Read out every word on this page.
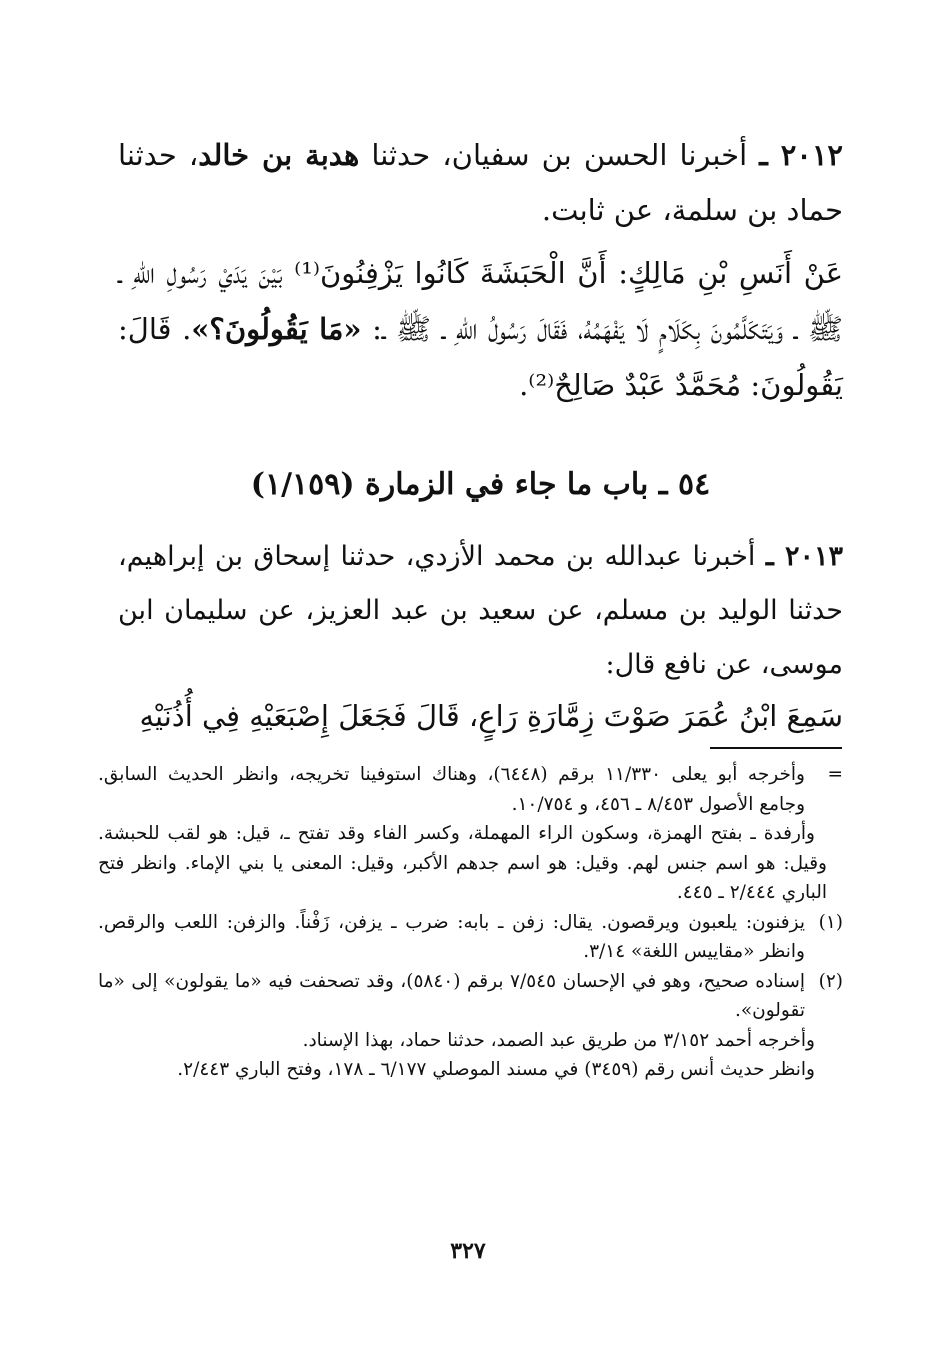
٢٠١٢ ـ أخبرنا الحسن بن سفيان، حدثنا هدبة بن خالد، حدثنا حماد بن سلمة، عن ثابت.
عَنْ أَنَسِ بْنِ مَالِكٍ: أَنَّ الْحَبَشَةَ كَانُوا يَزْفِنُونَ⁽¹⁾ بَيْنَ يَدَيْ رَسُولِ اللهِ ـ ﷺ ـ وَيَتَكَلَّمُونَ بِكَلَامٍ لَا يَفْهَمُهُ، فَقَالَ رَسُولُ اللهِ ـ ﷺ ـ: «مَا يَقُولُونَ؟». قَالَ: يَقُولُونَ: مُحَمَّدٌ عَبْدٌ صَالِحٌ⁽²⁾.
٥٤ ـ باب ما جاء في الزمارة (١/١٥٩)
٢٠١٣ ـ أخبرنا عبدالله بن محمد الأزدي، حدثنا إسحاق بن إبراهيم، حدثنا الوليد بن مسلم، عن سعيد بن عبد العزيز، عن سليمان ابن موسى، عن نافع قال:
سَمِعَ ابْنُ عُمَرَ صَوْتَ زِمَّارَةِ رَاعٍ، قَالَ فَجَعَلَ إِصْبَعَيْهِ فِي أُذُنَيْهِ

=وأخرجه أبو يعلى ١١/٣٣٠ برقم (٦٤٤٨)، وهناك استوفينا تخريجه، وانظر الحديث السابق. وجامع الأصول ٨/٤٥٣ ـ ٤٥٦، و ١٠/٧٥٤.

وأرفدة ـ بفتح الهمزة، وسكون الراء المهملة، وكسر الفاء وقد تفتح ـ، قيل: هو لقب للحبشة. وقيل: هو اسم جنس لهم. وقيل: هو اسم جدهم الأكبر، وقيل: المعنى يا بني الإماء. وانظر فتح الباري ٢/٤٤٤ ـ ٤٤٥.

(١)يزفنون: يلعبون ويرقصون. يقال: زفن ـ بابه: ضرب ـ يزفن، زَفْناً. والزفن: اللعب والرقص. وانظر «مقاييس اللغة» ٣/١٤.

(٢)إسناده صحيح، وهو في الإحسان ٧/٥٤٥ برقم (٥٨٤٠)، وقد تصحفت فيه «ما يقولون» إلى «ما تقولون».

وأخرجه أحمد ٣/١٥٢ من طريق عبد الصمد، حدثنا حماد، بهذا الإسناد.

وانظر حديث أنس رقم (٣٤٥٩) في مسند الموصلي ٦/١٧٧ ـ ١٧٨، وفتح الباري ٢/٤٤٣.

٣٢٧
